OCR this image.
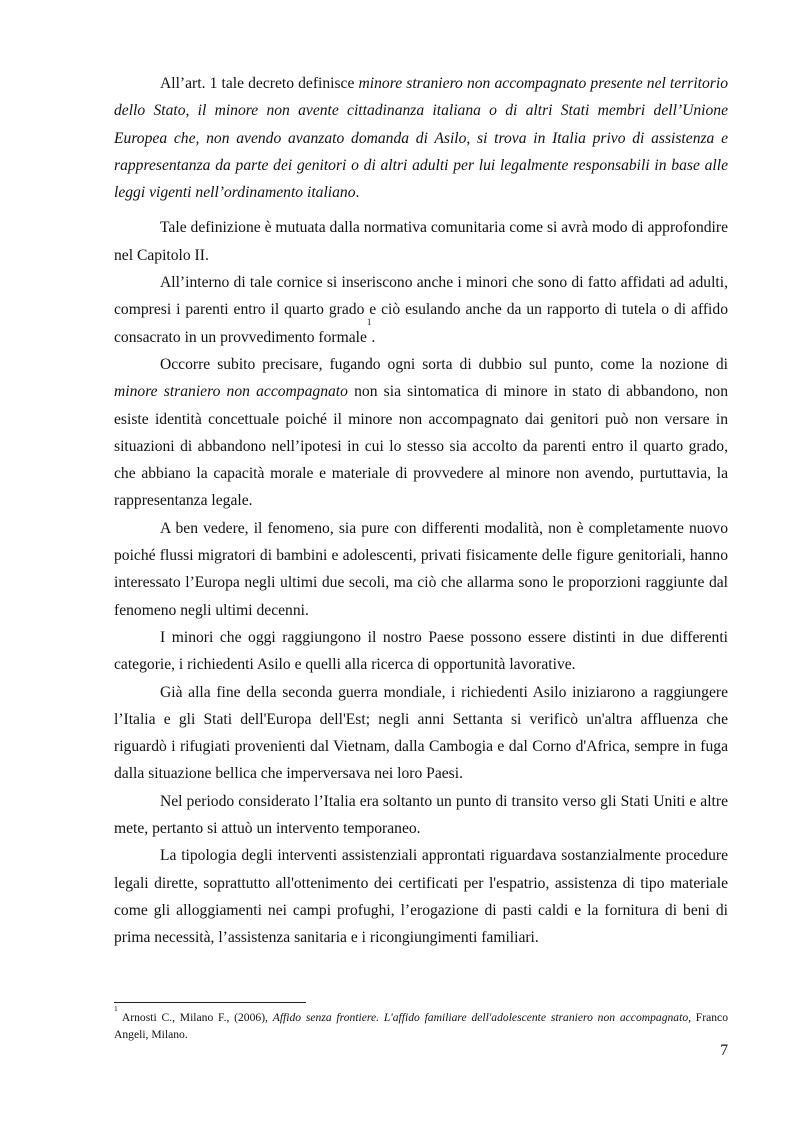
All’art. 1 tale decreto definisce minore straniero non accompagnato presente nel territorio dello Stato, il minore non avente cittadinanza italiana o di altri Stati membri dell’Unione Europea che, non avendo avanzato domanda di Asilo, si trova in Italia privo di assistenza e rappresentanza da parte dei genitori o di altri adulti per lui legalmente responsabili in base alle leggi vigenti nell’ordinamento italiano.

Tale definizione è mutuata dalla normativa comunitaria come si avrà modo di approfondire nel Capitolo II.

All’interno di tale cornice si inseriscono anche i minori che sono di fatto affidati ad adulti, compresi i parenti entro il quarto grado e ciò esulando anche da un rapporto di tutela o di affido consacrato in un provvedimento formale$^1$.

Occorre subito precisare, fugando ogni sorta di dubbio sul punto, come la nozione di minore straniero non accompagnato non sia sintomatica di minore in stato di abbandono, non esiste identità concettuale poiché il minore non accompagnato dai genitori può non versare in situazioni di abbandono nell’ipotesi in cui lo stesso sia accolto da parenti entro il quarto grado, che abbiano la capacità morale e materiale di provvedere al minore non avendo, purtuttavia, la rappresentanza legale.

A ben vedere, il fenomeno, sia pure con differenti modalità, non è completamente nuovo poiché flussi migratori di bambini e adolescenti, privati fisicamente delle figure genitoriali, hanno interessato l’Europa negli ultimi due secoli, ma ciò che allarma sono le proporzioni raggiunte dal fenomeno negli ultimi decenni.

I minori che oggi raggiungono il nostro Paese possono essere distinti in due differenti categorie, i richiedenti Asilo e quelli alla ricerca di opportunità lavorative.

Già alla fine della seconda guerra mondiale, i richiedenti Asilo iniziarono a raggiungere l’Italia e gli Stati dell'Europa dell'Est; negli anni Settanta si verificò un'altra affluenza che riguardò i rifugiati provenienti dal Vietnam, dalla Cambogia e dal Corno d'Africa, sempre in fuga dalla situazione bellica che imperversava nei loro Paesi.

Nel periodo considerato l’Italia era soltanto un punto di transito verso gli Stati Uniti e altre mete, pertanto si attuò un intervento temporaneo.

La tipologia degli interventi assistenziali approntati riguardava sostanzialmente procedure legali dirette, soprattutto all'ottenimento dei certificati per l'espatrio, assistenza di tipo materiale come gli alloggiamenti nei campi profughi, l’erogazione di pasti caldi e la fornitura di beni di prima necessità, l’assistenza sanitaria e i ricongiungimenti familiari.

$^1$ Arnosti C., Milano F., (2006), Affido senza frontiere. L'affido familiare dell'adolescente straniero non accompagnato, Franco Angeli, Milano.
7
